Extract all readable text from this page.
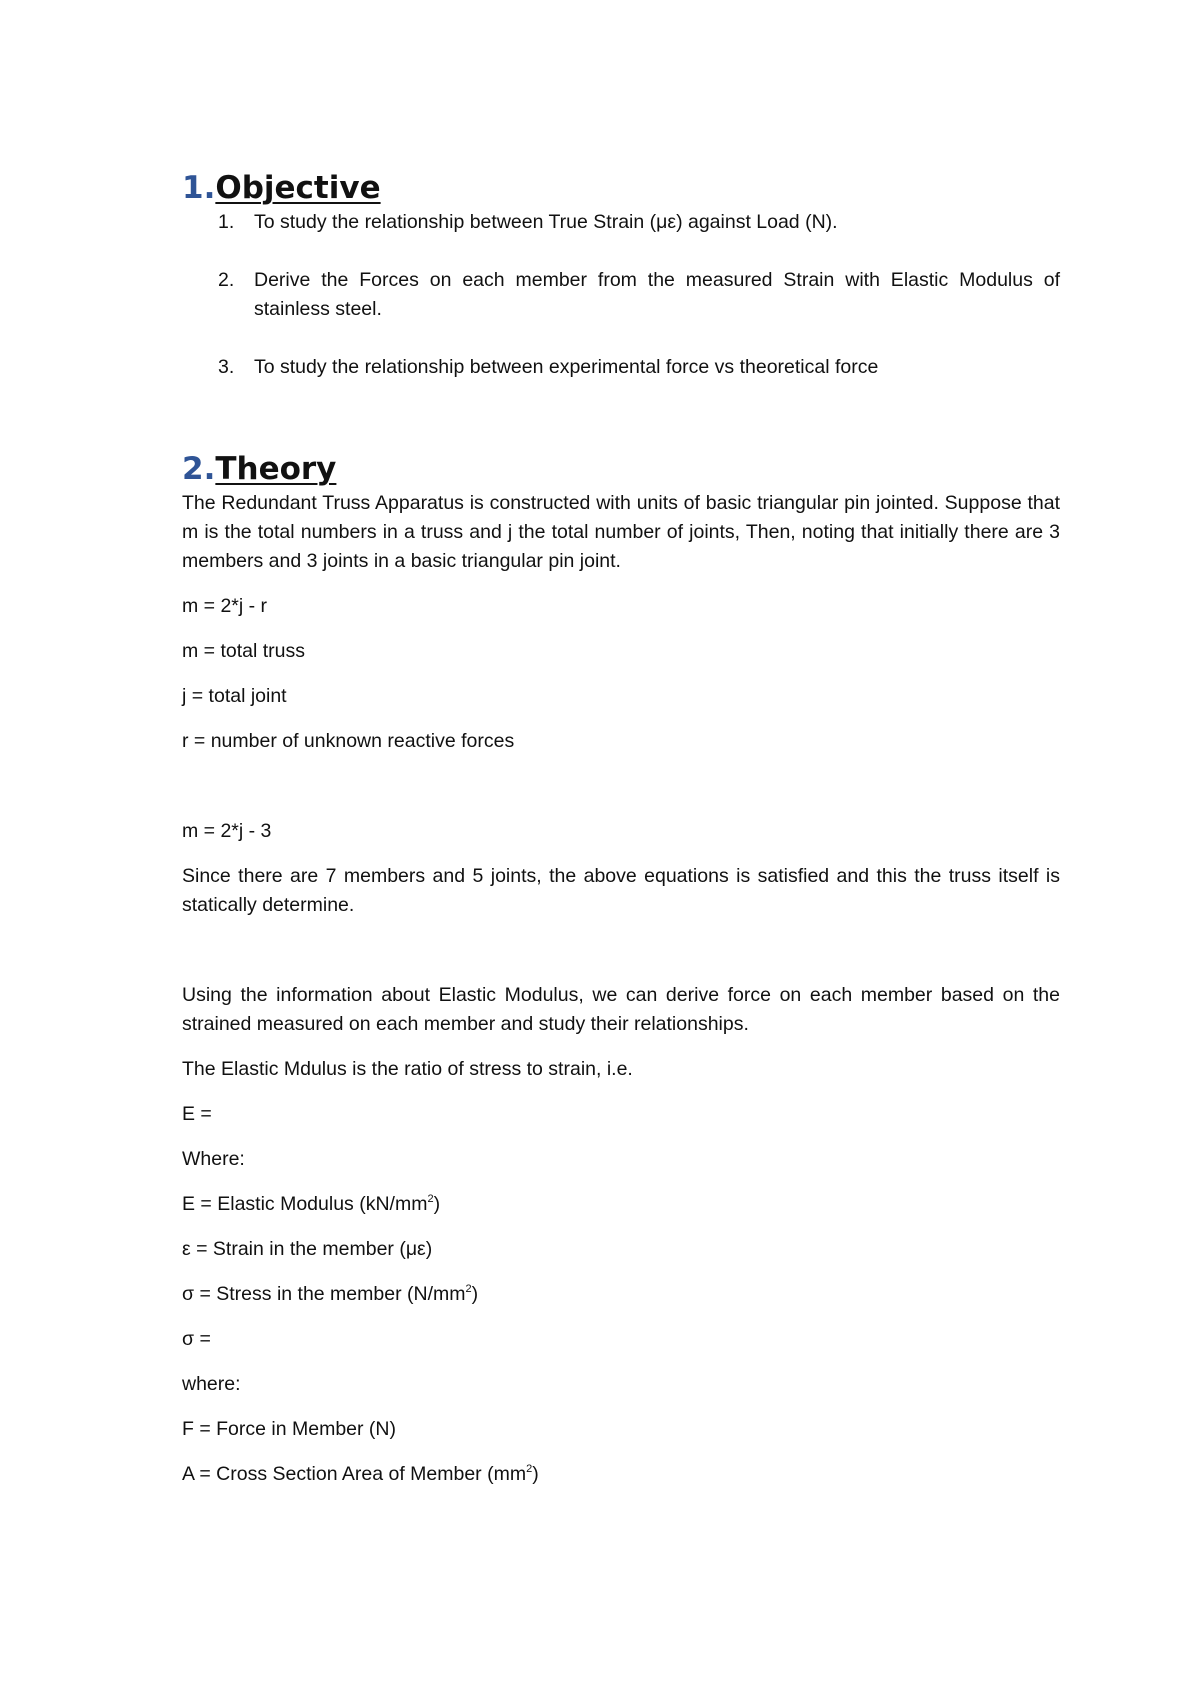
1.Objective
1.	To study the relationship between True Strain (με) against Load (N).
2.	Derive the Forces on each member from the measured Strain with Elastic Modulus of stainless steel.
3.	To study the relationship between experimental force vs theoretical force
2.Theory

The Redundant Truss Apparatus is constructed with units of basic triangular pin jointed. Suppose that m is the total numbers in a truss and j the total number of joints, Then, noting that initially there are 3 members and 3 joints in a basic triangular pin joint.

m = 2*j - r

m = total truss

j = total joint

r = number of unknown reactive forces

m = 2*j - 3

Since there are 7 members and 5 joints, the above equations is satisfied and this the truss itself is statically determine.

Using the information about Elastic Modulus, we can derive force on each member based on the strained measured on each member and study their relationships.

The Elastic Mdulus is the ratio of stress to strain, i.e.

E =

Where:

E = Elastic Modulus $(kN/mm^2)$

ε = Strain in the member (με)

σ = Stress in the member $(N/mm^2)$

σ =

where:

F = Force in Member (N)

A = Cross Section Area of Member $(mm^2)$
